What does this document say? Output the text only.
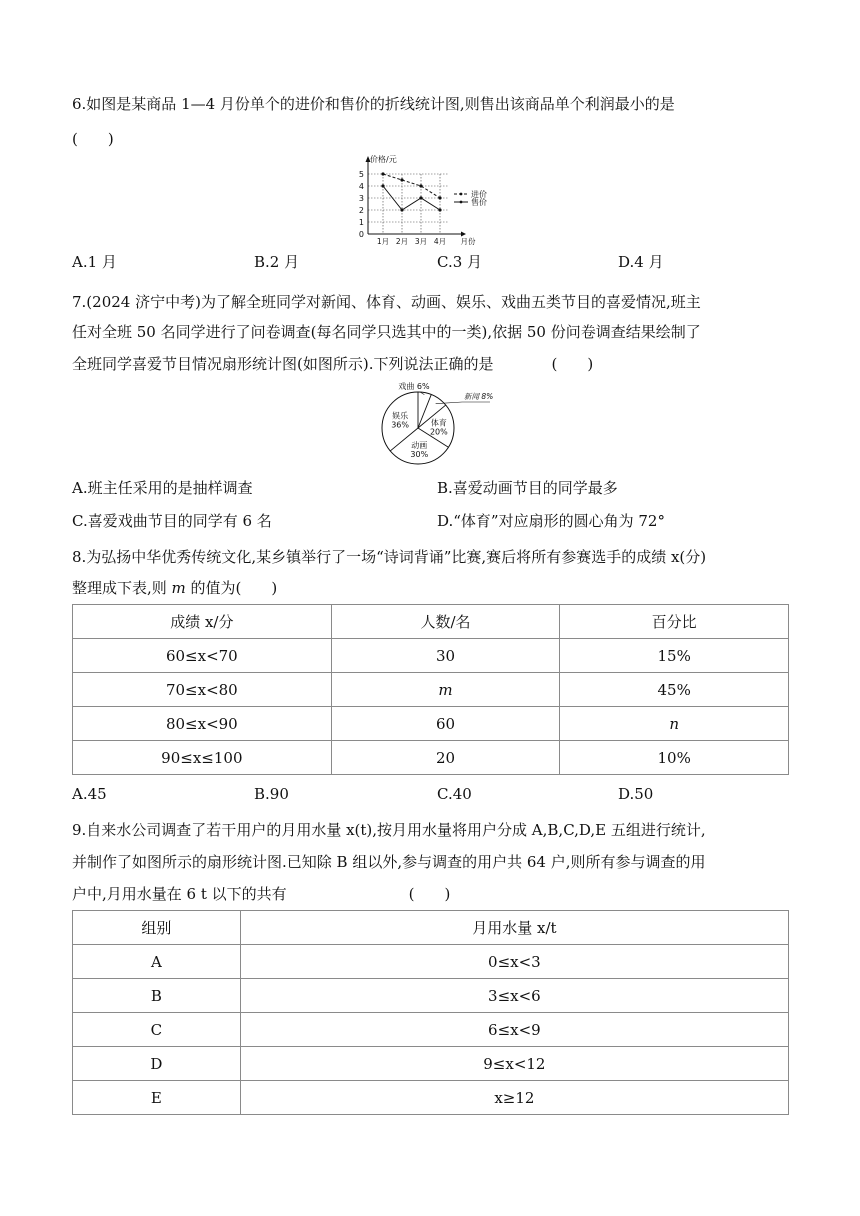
6.如图是某商品 1—4 月份单个的进价和售价的折线统计图,则售出该商品单个利润最小的是
(　　)
0
1
2
3
4
5
1月 2月 3月 4月
价格/元
月份
进价
售价
A.1 月	B.2 月	C.3 月	D.4 月
7.(2024 济宁中考)为了解全班同学对新闻、体育、动画、娱乐、戏曲五类节目的喜爱情况,班主
任对全班 50 名同学进行了问卷调查(每名同学只选其中的一类),依据 50 份问卷调查结果绘制了
全班同学喜爱节目情况扇形统计图(如图所示).下列说法正确的是	(　　)
戏曲 6%
新闻 8%
体育
20%
动画
30%
娱乐
36%
A.班主任采用的是抽样调查	B.喜爱动画节目的同学最多
C.喜爱戏曲节目的同学有 6 名	D.“体育”对应扇形的圆心角为 72°
8.为弘扬中华优秀传统文化,某乡镇举行了一场“诗词背诵”比赛,赛后将所有参赛选手的成绩 x(分)
整理成下表,则 m 的值为(　　)
成绩 x/分	人数/名	百分比
60≤x<70	30	15%
70≤x<80	m	45%
80≤x<90	60	n
90≤x≤100	20	10%
A.45	B.90	C.40	D.50
9.自来水公司调查了若干用户的月用水量 x(t),按月用水量将用户分成 A,B,C,D,E 五组进行统计,
并制作了如图所示的扇形统计图.已知除 B 组以外,参与调查的用户共 64 户,则所有参与调查的用
户中,月用水量在 6 t 以下的共有	(　　)
组别	月用水量 x/t
A	0≤x<3
B	3≤x<6
C	6≤x<9
D	9≤x<12
E	x≥12
